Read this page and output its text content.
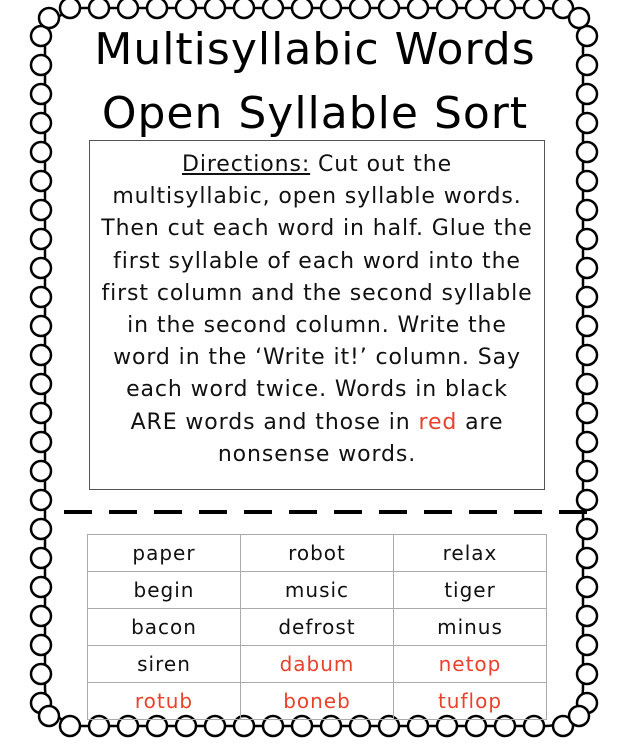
Multisyllabic Words
Open Syllable Sort
Directions: Cut out the multisyllabic, open syllable words. Then cut each word in half. Glue the first syllable of each word into the first column and the second syllable in the second column. Write the word in the ‘Write it!’ column. Say each word twice. Words in black ARE words and those in red are nonsense words.
paper	robot	relax
begin	music	tiger
bacon	defrost	minus
siren	dabum	netop
rotub	boneb	tuflop
